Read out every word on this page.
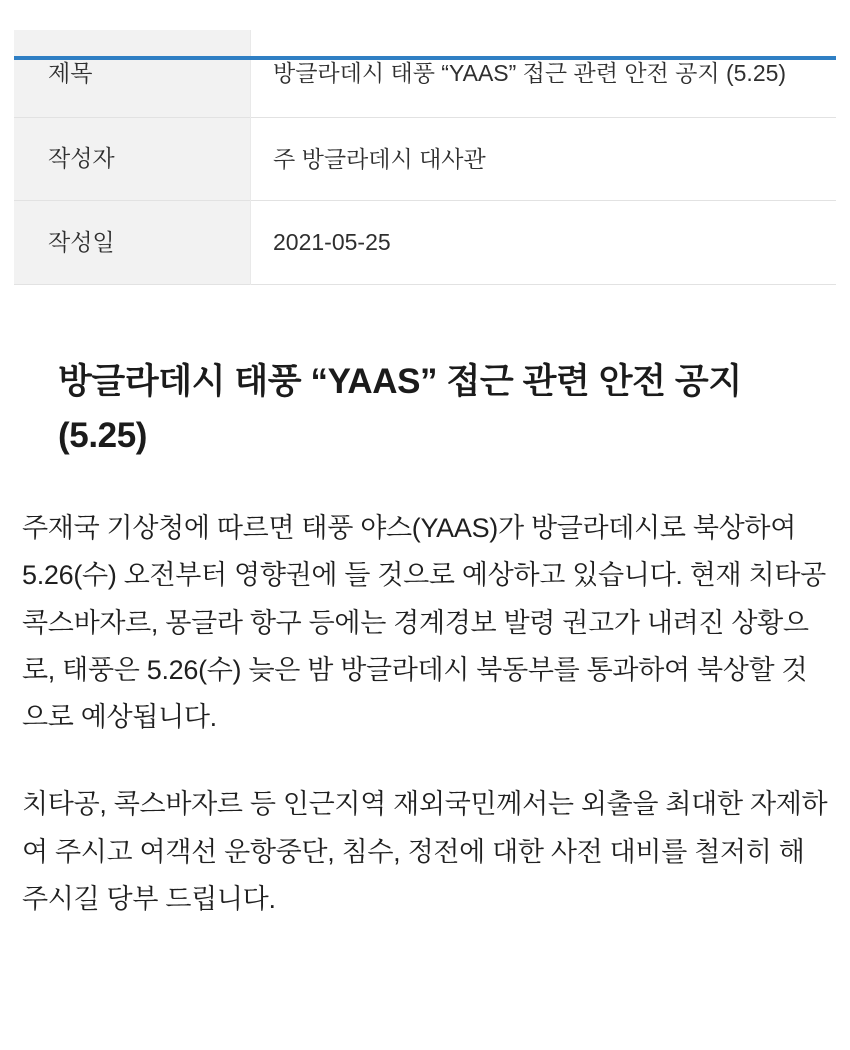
제목	방글라데시 태풍 “YAAS” 접근 관련 안전 공지 (5.25)
작성자	주 방글라데시 대사관
작성일	2021-05-25
방글라데시 태풍 “YAAS” 접근 관련 안전 공지 (5.25)

주재국 기상청에 따르면 태풍 야스(YAAS)가 방글라데시로 북상하여 5.26(수) 오전부터 영향권에 들 것으로 예상하고 있습니다. 현재 치타공 콕스바자르, 몽글라 항구 등에는 경계경보 발령 권고가 내려진 상황으로, 태풍은 5.26(수) 늦은 밤 방글라데시 북동부를 통과하여 북상할 것으로 예상됩니다.

치타공, 콕스바자르 등 인근지역 재외국민께서는 외출을 최대한 자제하여 주시고 여객선 운항중단, 침수, 정전에 대한 사전 대비를 철저히 해주시길 당부 드립니다.
